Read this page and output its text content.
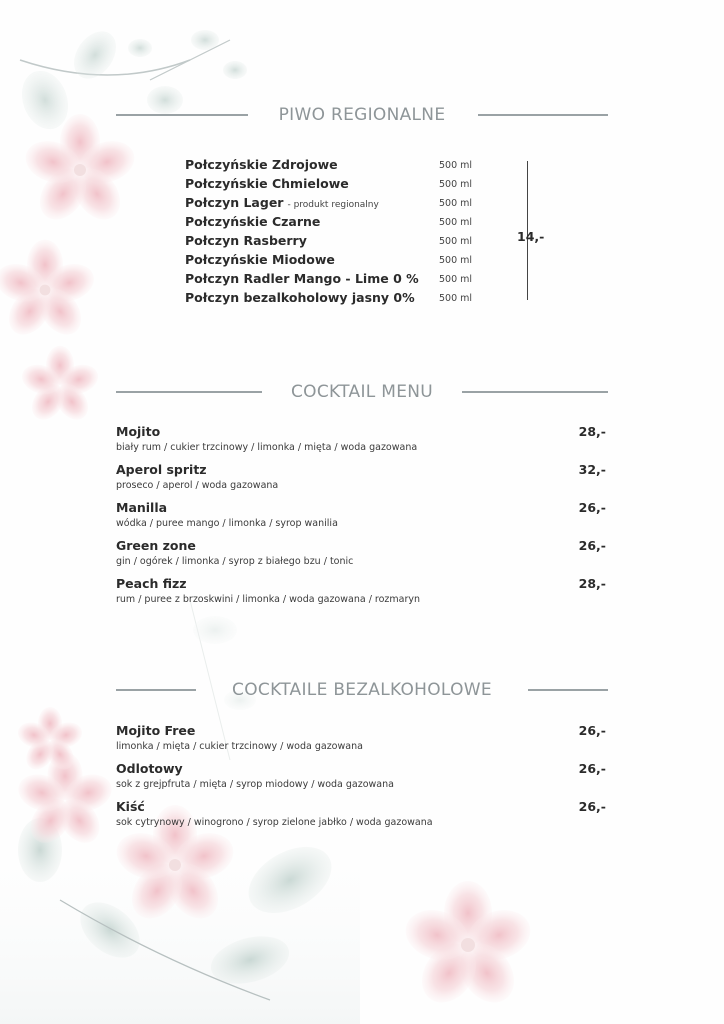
PIWO REGIONALNE
Połczyńskie Zdrojowe	500 ml
Połczyńskie Chmielowe	500 ml
Połczyn Lager - produkt regionalny	500 ml
Połczyńskie Czarne	500 ml
Połczyn Rasberry	500 ml
Połczyńskie Miodowe	500 ml
Połczyn Radler Mango - Lime 0 % 500 ml
Połczyn bezalkoholowy jasny 0%	500 ml
14,-
COCKTAIL MENU
Mojito
biały rum / cukier trzcinowy / limonka / mięta / woda gazowana
28,-
Aperol spritz
proseco / aperol / woda gazowana
32,-
Manilla
wódka / puree mango / limonka / syrop wanilia
26,-
Green zone
gin / ogórek / limonka / syrop z białego bzu / tonic
26,-
Peach fizz
rum / puree z brzoskwini / limonka / woda gazowana / rozmaryn
28,-
COCKTAILE BEZALKOHOLOWE
Mojito Free
limonka / mięta / cukier trzcinowy / woda gazowana
26,-
Odlotowy
sok z grejpfruta / mięta / syrop miodowy / woda gazowana
26,-
Kiść
sok cytrynowy / winogrono / syrop zielone jabłko / woda gazowana
26,-
